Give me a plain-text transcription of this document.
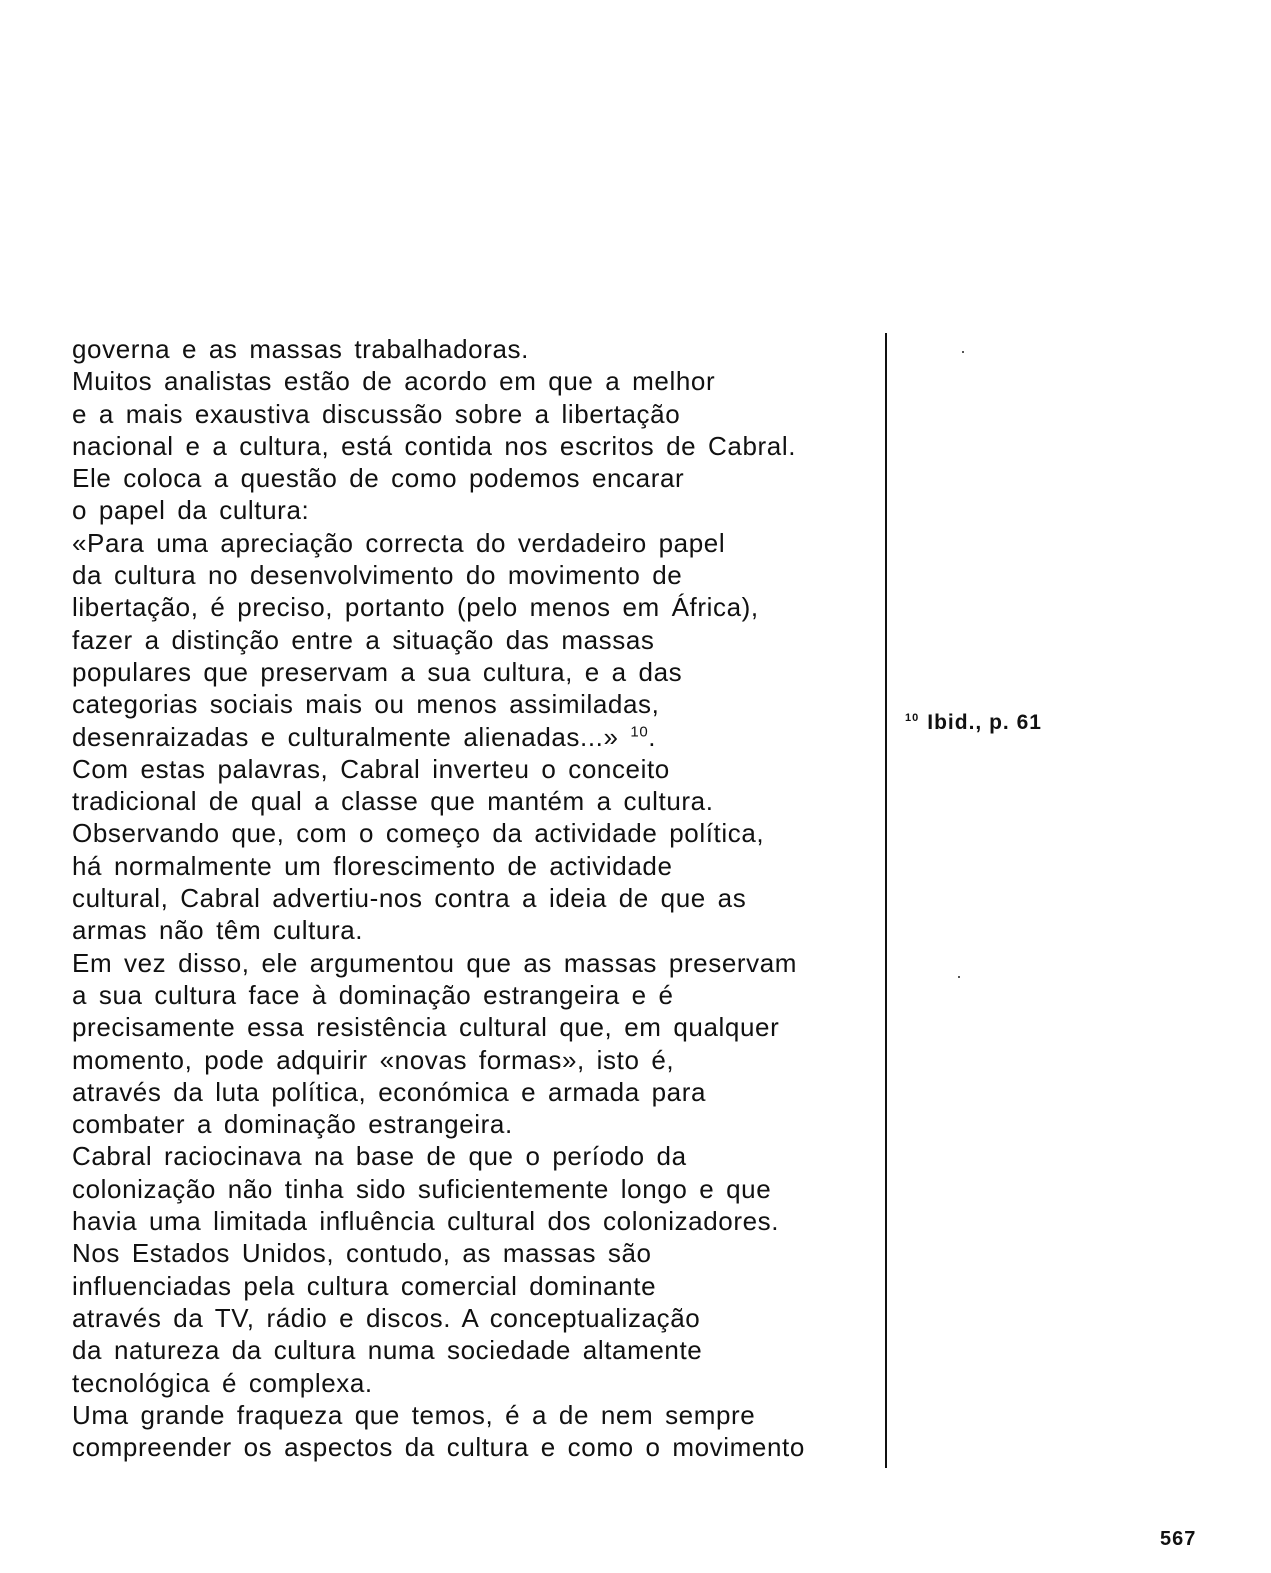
governa e as massas trabalhadoras.
Muitos analistas estão de acordo em que a melhor
e a mais exaustiva discussão sobre a libertação
nacional e a cultura, está contida nos escritos de Cabral.
Ele coloca a questão de como podemos encarar
o papel da cultura:
«Para uma apreciação correcta do verdadeiro papel
da cultura no desenvolvimento do movimento de
libertação, é preciso, portanto (pelo menos em África),
fazer a distinção entre a situação das massas
populares que preservam a sua cultura, e a das
categorias sociais mais ou menos assimiladas,
desenraizadas e culturalmente alienadas...» $^{10}$.
Com estas palavras, Cabral inverteu o conceito
tradicional de qual a classe que mantém a cultura.
Observando que, com o começo da actividade política,
há normalmente um florescimento de actividade
cultural, Cabral advertiu-nos contra a ideia de que as
armas não têm cultura.
Em vez disso, ele argumentou que as massas preservam
a sua cultura face à dominação estrangeira e é
precisamente essa resistência cultural que, em qualquer
momento, pode adquirir «novas formas», isto é,
através da luta política, económica e armada para
combater a dominação estrangeira.
Cabral raciocinava na base de que o período da
colonização não tinha sido suficientemente longo e que
havia uma limitada influência cultural dos colonizadores.
Nos Estados Unidos, contudo, as massas são
influenciadas pela cultura comercial dominante
através da TV, rádio e discos. A conceptualização
da natureza da cultura numa sociedade altamente
tecnológica é complexa.
Uma grande fraqueza que temos, é a de nem sempre
compreender os aspectos da cultura e como o movimento
$^{10}$ Ibid., p. 61
567
